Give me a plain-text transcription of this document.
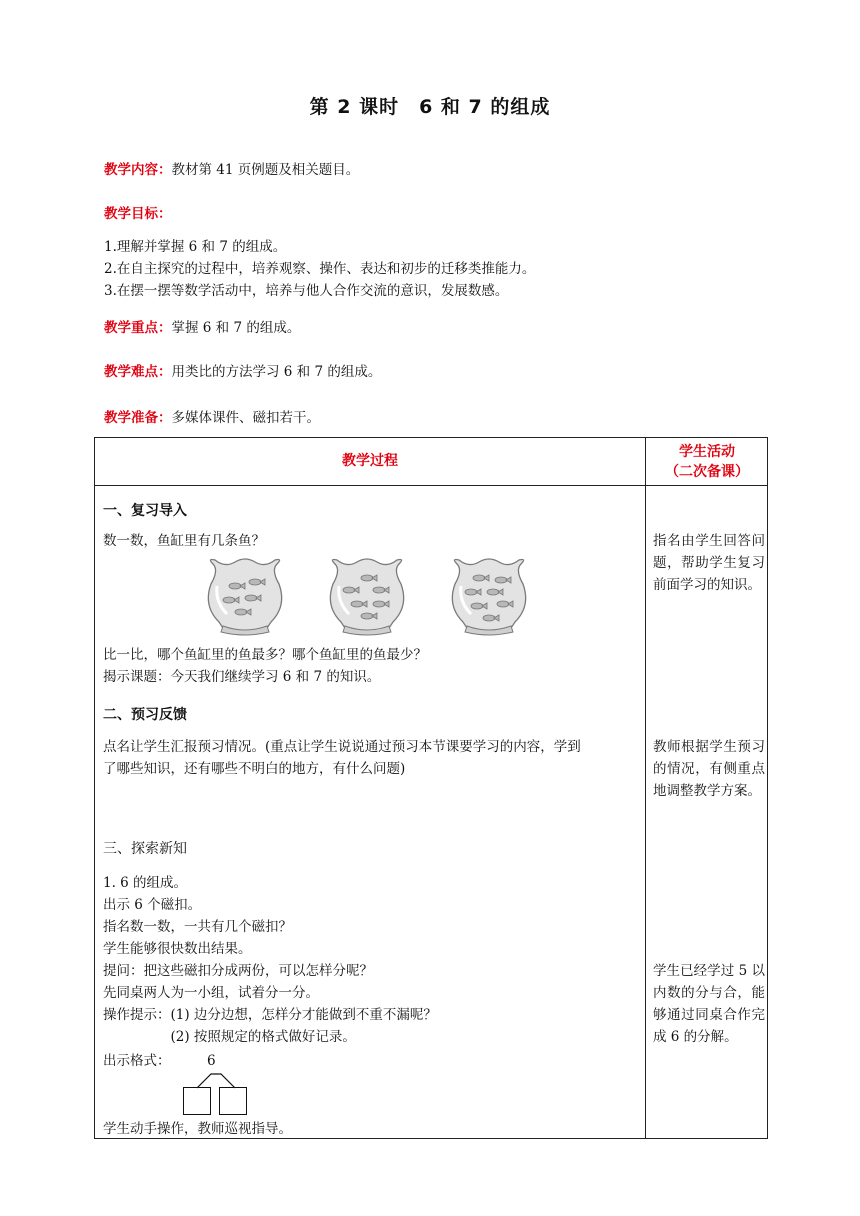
第 2 课时　6 和 7 的组成
教学内容：教材第 41 页例题及相关题目。
教学目标：
1.理解并掌握 6 和 7 的组成。
2.在自主探究的过程中，培养观察、操作、表达和初步的迁移类推能力。
3.在摆一摆等数学活动中，培养与他人合作交流的意识，发展数感。
教学重点：掌握 6 和 7 的组成。
教学难点：用类比的方法学习 6 和 7 的组成。
教学准备：多媒体课件、磁扣若干。
教学过程
学生活动
（二次备课）
一、复习导入
数一数，鱼缸里有几条鱼？
比一比，哪个鱼缸里的鱼最多？哪个鱼缸里的鱼最少？
揭示课题：今天我们继续学习 6 和 7 的知识。
指名由学生回答问题，帮助学生复习前面学习的知识。
二、预习反馈
点名让学生汇报预习情况。(重点让学生说说通过预习本节课要学习的内容，学到
了哪些知识，还有哪些不明白的地方，有什么问题)
教师根据学生预习的情况，有侧重点地调整教学方案。
三、探索新知
1. 6 的组成。
出示 6 个磁扣。
指名数一数，一共有几个磁扣？
学生能够很快数出结果。
提问：把这些磁扣分成两份，可以怎样分呢？
先同桌两人为一小组，试着分一分。
操作提示：(1) 边分边想，怎样分才能做到不重不漏呢？
　　　　　(2) 按照规定的格式做好记录。
出示格式：	6
学生动手操作，教师巡视指导。
学生已经学过 5 以内数的分与合，能够通过同桌合作完成 6 的分解。
